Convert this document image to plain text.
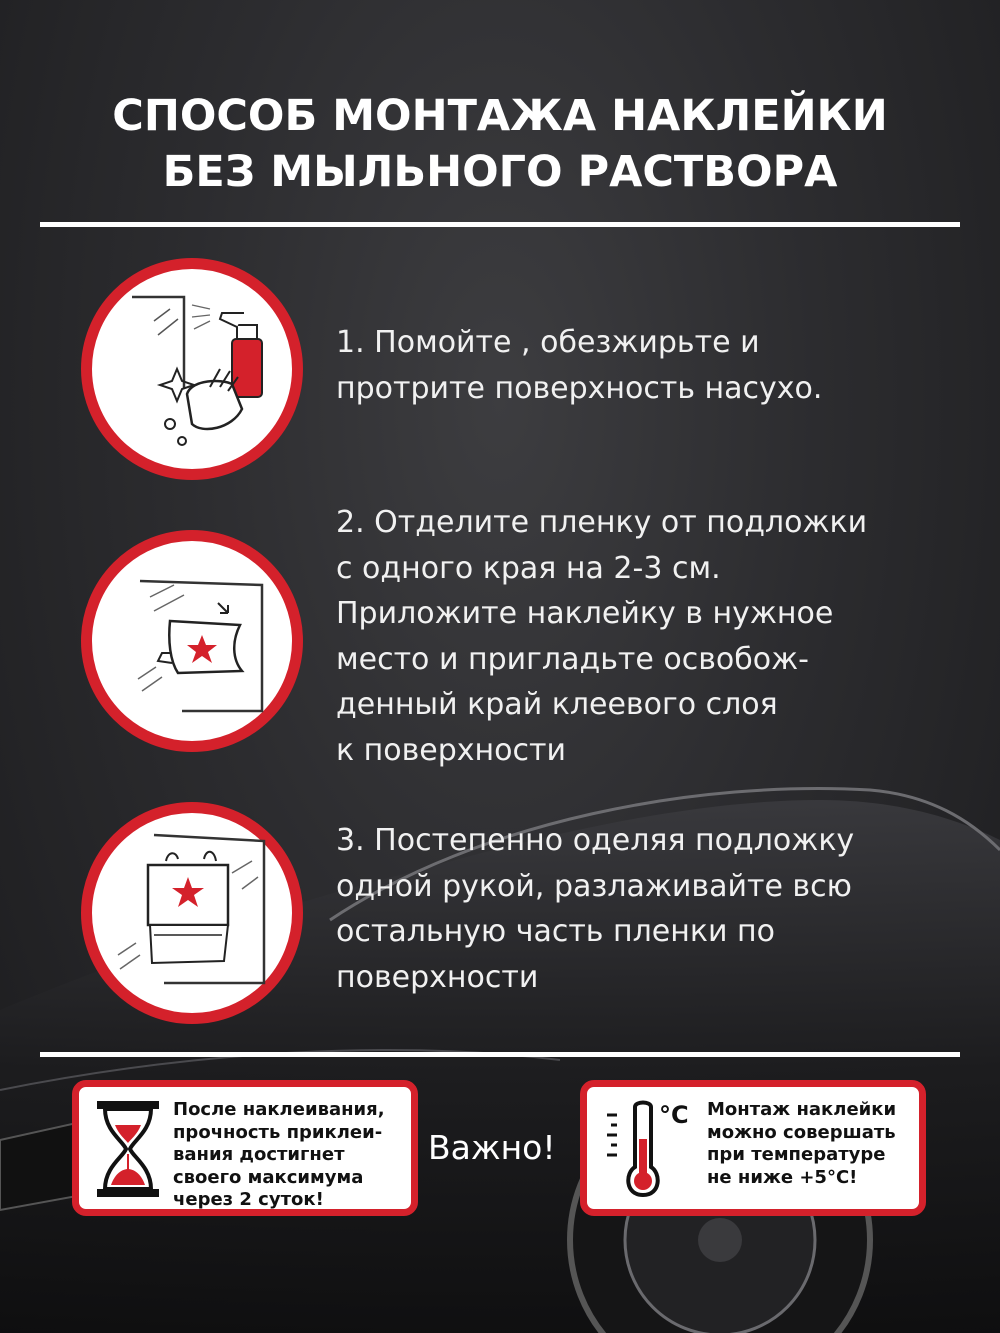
СПОСОБ МОНТАЖА НАКЛЕЙКИ
БЕЗ МЫЛЬНОГО РАСТВОРА

1. Помойте , обезжирьте и
протрите поверхность насухо.

2. Отделите пленку от подложки
с одного края на 2-3 см.
Приложите наклейку в нужное
место и пригладьте освобож-
денный край клеевого слоя
к поверхности

3. Постепенно оделяя подложку
одной рукой, разлаживайте всю
остальную часть пленки по
поверхности

После наклеивания,
прочность приклеи-
вания достигнет
своего максимума
через 2 суток!
Важно!
°C Монтаж наклейки
можно совершать
при температуре
не ниже +5°C!
